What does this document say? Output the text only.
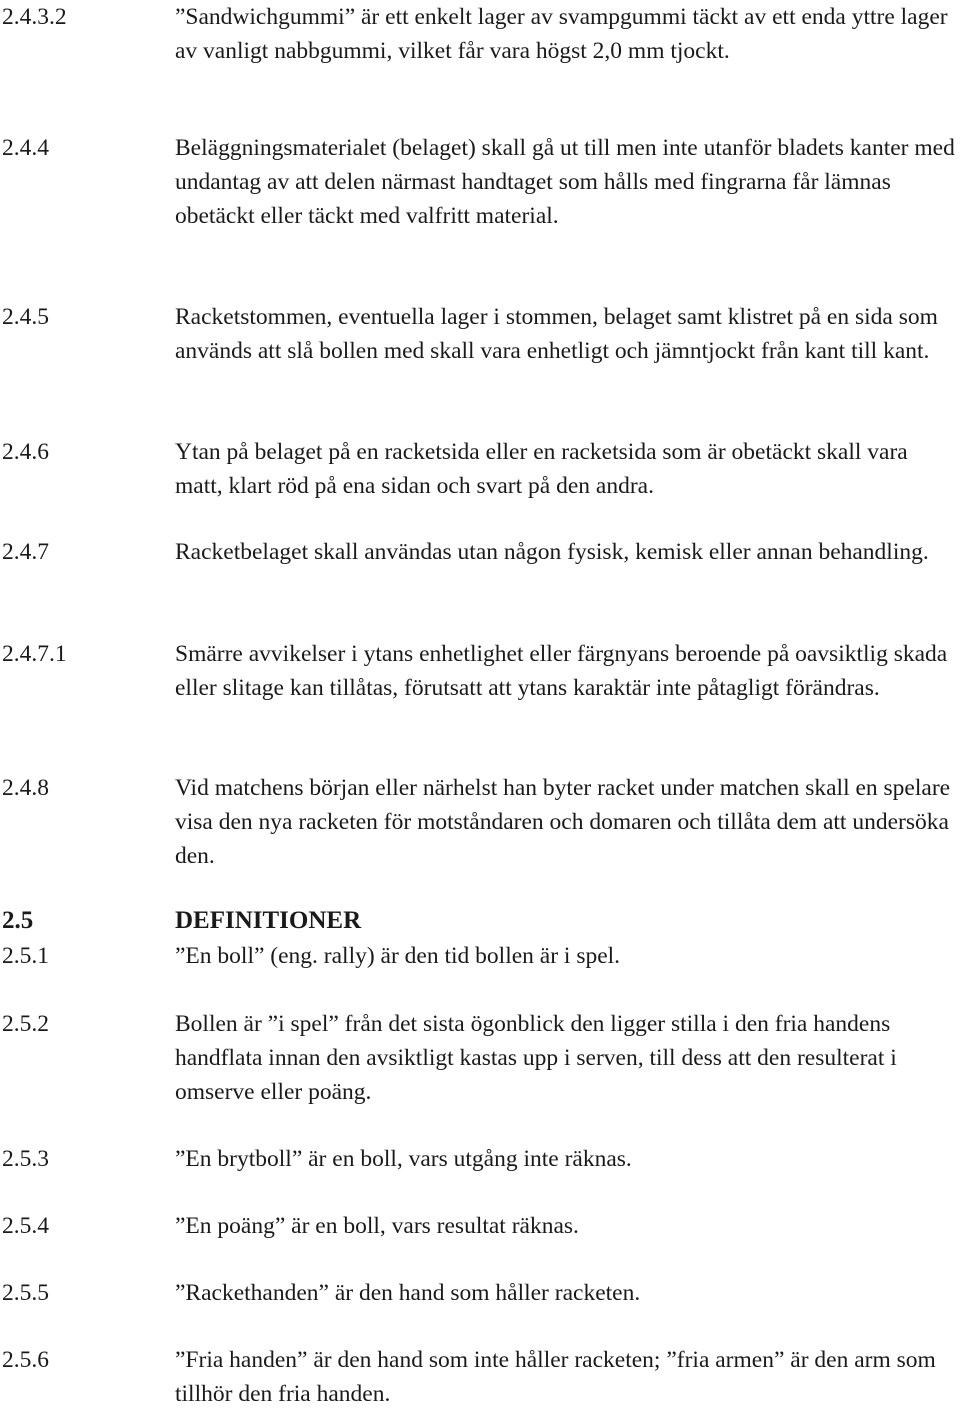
2.4.3.2	”Sandwichgummi” är ett enkelt lager av svampgummi täckt av ett enda yttre lager av vanligt nabbgummi, vilket får vara högst 2,0 mm tjockt.
2.4.4	Beläggningsmaterialet (belaget) skall gå ut till men inte utanför bladets kanter med undantag av att delen närmast handtaget som hålls med fingrarna får lämnas obetäckt eller täckt med valfritt material.
2.4.5	Racketstommen, eventuella lager i stommen, belaget samt klistret på en sida som används att slå bollen med skall vara enhetligt och jämntjockt från kant till kant.
2.4.6	Ytan på belaget på en racketsida eller en racketsida som är obetäckt skall vara matt, klart röd på ena sidan och svart på den andra.
2.4.7	Racketbelaget skall användas utan någon fysisk, kemisk eller annan behandling.
2.4.7.1	Smärre avvikelser i ytans enhetlighet eller färgnyans beroende på oavsiktlig skada eller slitage kan tillåtas, förutsatt att ytans karaktär inte påtagligt förändras.
2.4.8	Vid matchens början eller närhelst han byter racket under matchen skall en spelare visa den nya racketen för motståndaren och domaren och tillåta dem att undersöka den.
2.5	DEFINITIONER
2.5.1	”En boll” (eng. rally) är den tid bollen är i spel.
2.5.2	Bollen är ”i spel” från det sista ögonblick den ligger stilla i den fria handens handflata innan den avsiktligt kastas upp i serven, till dess att den resulterat i omserve eller poäng.
2.5.3	”En brytboll” är en boll, vars utgång inte räknas.
2.5.4	”En poäng” är en boll, vars resultat räknas.
2.5.5	”Rackethanden” är den hand som håller racketen.
2.5.6	”Fria handen” är den hand som inte håller racketen; ”fria armen” är den arm som tillhör den fria handen.
